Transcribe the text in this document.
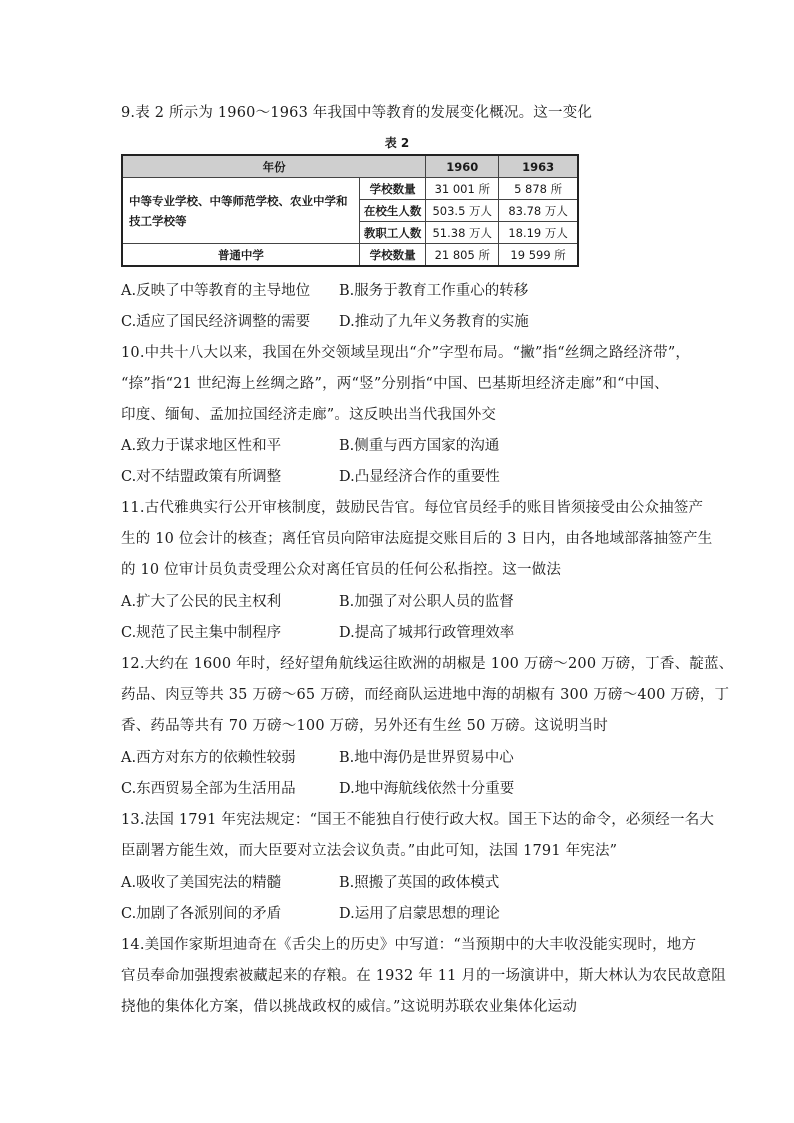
9.表 2 所示为 1960～1963 年我国中等教育的发展变化概况。这一变化
表 2
年份		1960	1963

中等专业学校、中等师范学校、农业中学和
技工学校等	学校数量	31 001 所	5 878 所
	在校生人数	503.5 万人	83.78 万人
	教职工人数	51.38 万人	18.19 万人
普通中学	学校数量	21 805 所	19 599 所
A.反映了中等教育的主导地位 B.服务于教育工作重心的转移
C.适应了国民经济调整的需要 D.推动了九年义务教育的实施
10.中共十八大以来，我国在外交领域呈现出“介”字型布局。“撇”指“丝绸之路经济带”，
“捺”指“21 世纪海上丝绸之路”，两“竖”分别指“中国、巴基斯坦经济走廊”和“中国、
印度、缅甸、孟加拉国经济走廊”。这反映出当代我国外交
A.致力于谋求地区性和平	B.侧重与西方国家的沟通
C.对不结盟政策有所调整	D.凸显经济合作的重要性
11.古代雅典实行公开审核制度，鼓励民告官。每位官员经手的账目皆须接受由公众抽签产
生的 10 位会计的核查；离任官员向陪审法庭提交账目后的 3 日内，由各地域部落抽签产生
的 10 位审计员负责受理公众对离任官员的任何公私指控。这一做法
A.扩大了公民的民主权利	B.加强了对公职人员的监督
C.规范了民主集中制程序	D.提高了城邦行政管理效率
12.大约在 1600 年时，经好望角航线运往欧洲的胡椒是 100 万磅～200 万磅，丁香、靛蓝、
药品、肉豆等共 35 万磅～65 万磅，而经商队运进地中海的胡椒有 300 万磅～400 万磅，丁
香、药品等共有 70 万磅～100 万磅，另外还有生丝 50 万磅。这说明当时
A.西方对东方的依赖性较弱	B.地中海仍是世界贸易中心
C.东西贸易全部为生活用品	D.地中海航线依然十分重要
13.法国 1791 年宪法规定：“国王不能独自行使行政大权。国王下达的命令，必须经一名大
臣副署方能生效，而大臣要对立法会议负责。”由此可知，法国 1791 年宪法”
A.吸收了美国宪法的精髓	B.照搬了英国的政体模式
C.加剧了各派别间的矛盾	D.运用了启蒙思想的理论
14.美国作家斯坦迪奇在《舌尖上的历史》中写道：“当预期中的大丰收没能实现时，地方
官员奉命加强搜索被藏起来的存粮。在 1932 年 11 月的一场演讲中，斯大林认为农民故意阻
挠他的集体化方案，借以挑战政权的威信。”这说明苏联农业集体化运动
